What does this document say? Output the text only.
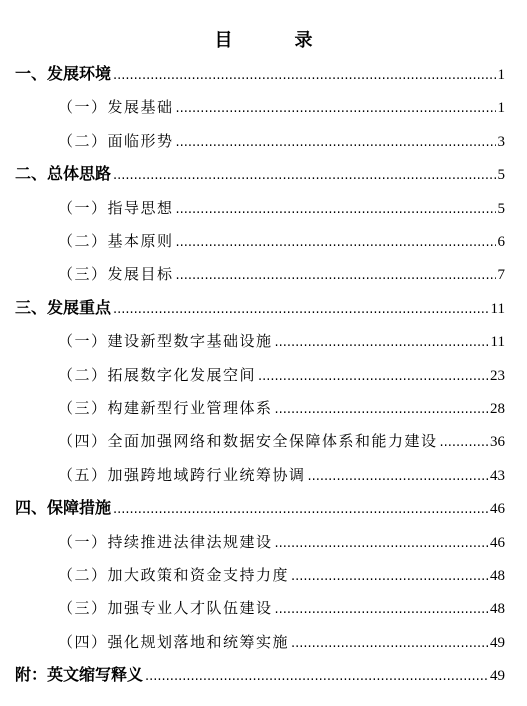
目　录
一、发展环境 .....	1
（一）发展基础 .....	1
（二）面临形势 .....	3
二、总体思路 .....	5
（一）指导思想 .....	5
（二）基本原则 .....	6
（三）发展目标 .....	7
三、发展重点 .....	11
（一）建设新型数字基础设施 .....	11
（二）拓展数字化发展空间 .....	23
（三）构建新型行业管理体系 .....	28
（四）全面加强网络和数据安全保障体系和能力建设 .....	36
（五）加强跨地域跨行业统筹协调 .....	43
四、保障措施 .....	46
（一）持续推进法律法规建设 .....	46
（二）加大政策和资金支持力度 .....	48
（三）加强专业人才队伍建设 .....	48
（四）强化规划落地和统筹实施 .....	49
附：英文缩写释义 .....	49
